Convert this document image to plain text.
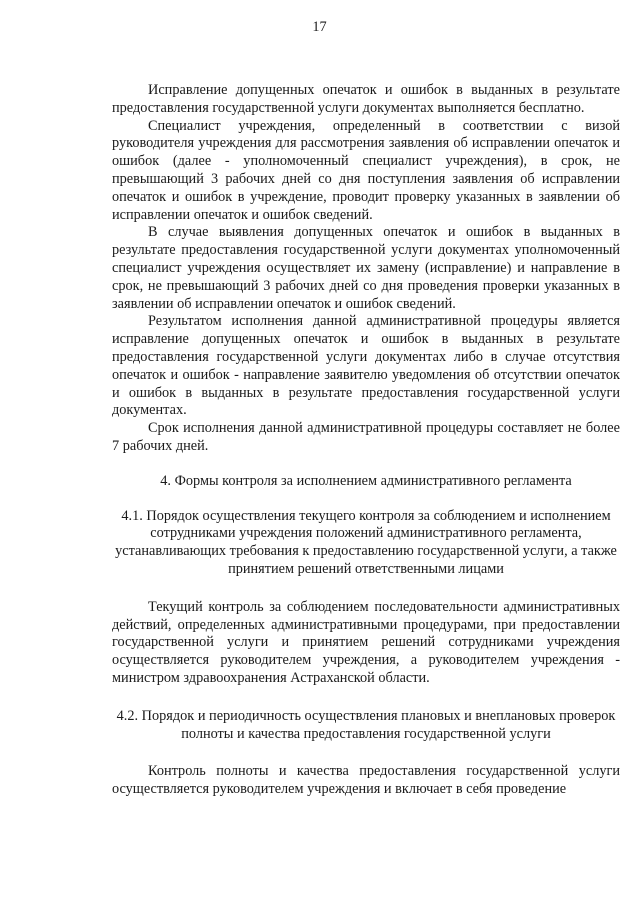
17

Исправление допущенных опечаток и ошибок в выданных в результате предоставления государственной услуги документах выполняется бесплатно.

Специалист учреждения, определенный в соответствии с визой руководителя учреждения для рассмотрения заявления об исправлении опечаток и ошибок (далее - уполномоченный специалист учреждения), в срок, не превышающий 3 рабочих дней со дня поступления заявления об исправлении опечаток и ошибок в учреждение, проводит проверку указанных в заявлении об исправлении опечаток и ошибок сведений.

В случае выявления допущенных опечаток и ошибок в выданных в результате предоставления государственной услуги документах уполномоченный специалист учреждения осуществляет их замену (исправление) и направление в срок, не превышающий 3 рабочих дней со дня проведения проверки указанных в заявлении об исправлении опечаток и ошибок сведений.

Результатом исполнения данной административной процедуры является исправление допущенных опечаток и ошибок в выданных в результате предоставления государственной услуги документах либо в случае отсутствия опечаток и ошибок - направление заявителю уведомления об отсутствии опечаток и ошибок в выданных в результате предоставления государственной услуги документах.

Срок исполнения данной административной процедуры составляет не более 7 рабочих дней.

4. Формы контроля за исполнением административного регламента

4.1. Порядок осуществления текущего контроля за соблюдением и исполнением сотрудниками учреждения положений административного регламента, устанавливающих требования к предоставлению государственной услуги, а также принятием решений ответственными лицами

Текущий контроль за соблюдением последовательности административных действий, определенных административными процедурами, при предоставлении государственной услуги и принятием решений сотрудниками учреждения осуществляется руководителем учреждения, а руководителем учреждения - министром здравоохранения Астраханской области.

4.2. Порядок и периодичность осуществления плановых и внеплановых проверок полноты и качества предоставления государственной услуги

Контроль полноты и качества предоставления государственной услуги осуществляется руководителем учреждения и включает в себя проведение
